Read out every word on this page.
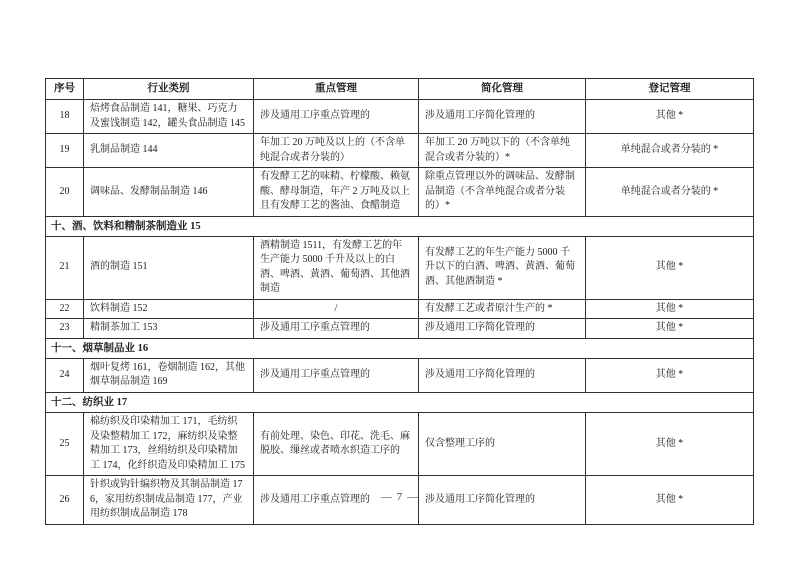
序号	行业类别	重点管理	简化管理	登记管理
18	焙烤食品制造 141，糖果、巧克力及蜜饯制造 142，罐头食品制造 145	涉及通用工序重点管理的	涉及通用工序简化管理的	其他 *
19	乳制品制造 144	年加工 20 万吨及以上的（不含单纯混合或者分装的）	年加工 20 万吨以下的（不含单纯混合或者分装的）*	单纯混合或者分装的 *
20	调味品、发酵制品制造 146	有发酵工艺的味精、柠檬酸、赖氨酸、酵母制造，年产 2 万吨及以上且有发酵工艺的酱油、食醋制造	除重点管理以外的调味品、发酵制品制造（不含单纯混合或者分装的）*	单纯混合或者分装的 *
十、酒、饮料和精制茶制造业 15				
21	酒的制造 151	酒精制造 1511，有发酵工艺的年生产能力 5000 千升及以上的白酒、啤酒、黄酒、葡萄酒、其他酒制造	有发酵工艺的年生产能力 5000 千升以下的白酒、啤酒、黄酒、葡萄酒、其他酒制造 *	其他 *
22	饮料制造 152	/	有发酵工艺或者原汁生产的 *	其他 *
23	精制茶加工 153	涉及通用工序重点管理的	涉及通用工序简化管理的	其他 *
十一、烟草制品业 16				
24	烟叶复烤 161，卷烟制造 162，其他烟草制品制造 169	涉及通用工序重点管理的	涉及通用工序简化管理的	其他 *
十二、纺织业 17				
25	棉纺织及印染精加工 171，毛纺织及染整精加工 172，麻纺织及染整精加工 173，丝绢纺织及印染精加工 174，化纤织造及印染精加工 175	有前处理、染色、印花、洗毛、麻脱胶、缫丝或者喷水织造工序的	仅含整理工序的	其他 *
26	针织或钩针编织物及其制品制造 176，家用纺织制成品制造 177，产业用纺织制成品制造 178	涉及通用工序重点管理的	涉及通用工序简化管理的	其他 *
— 7 —
